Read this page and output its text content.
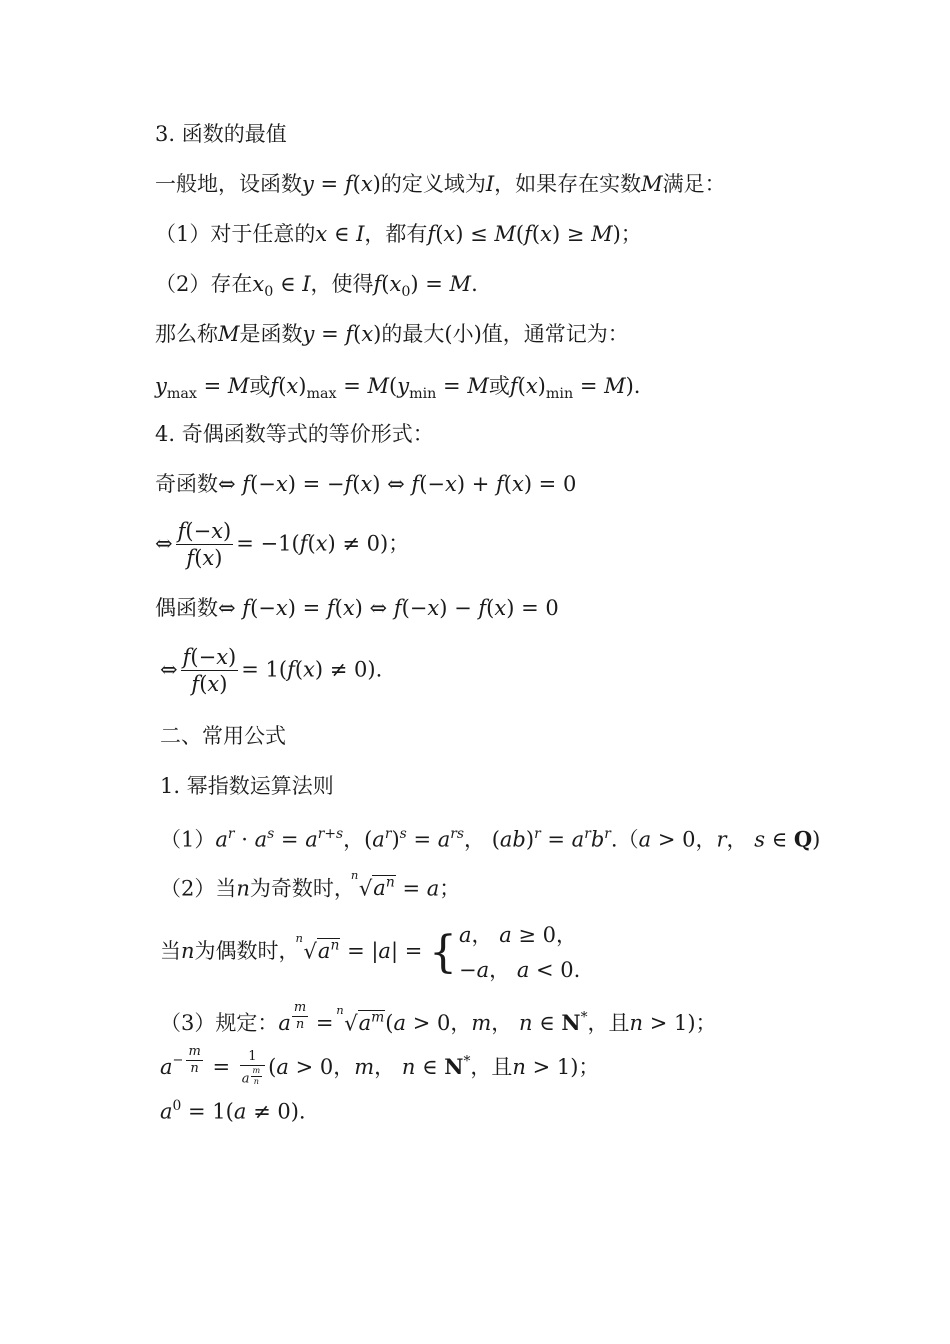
3. 函数的最值
一般地，设函数y = f(x)的定义域为I，如果存在实数M满足：
（1）对于任意的x ∈ I，都有f(x) ≤ M(f(x) ≥ M)；
（2）存在$x_0$ ∈ I，使得$f(x_0) = M$.
那么称M是函数y = f(x)的最大(小)值，通常记为：
$y_{max} = M$或$f(x)_{max} = M(y_{min} = M$或$f(x)_{min} = M$).
4. 奇偶函数等式的等价形式：
奇函数⇔ f(−x) = −f(x) ⇔ f(−x) + f(x) = 0
⇔ $\frac{f(-x)}{f(x)} = -1(f(x) \ne 0)$；
偶函数⇔ f(−x) = f(x) ⇔ f(−x) − f(x) = 0
⇔ $\frac{f(-x)}{f(x)} = 1(f(x) \ne 0)$.
二、常用公式
1. 幂指数运算法则
$(1)a^r \cdot a^s = a^{r+s}$，$(a^r)^s = a^{rs}$， $(ab)^r = a^rb^r.(a > 0$，r， s ∈ Q)
（2）当n为奇数时，
n
$√a^n = a$；
当n为偶数时，
n
$√a^n = |a|$ = { a， a ≥ 0，
−a， a < 0.
（3）规定：a $^{\frac{m}{n}}$ =
n
$√a^m(a > 0$，m， n ∈ N*，且n > 1)；
$a^{- \frac{m}{n}} = 1$
a $^{\frac{m}{n}}$ (a > 0，m， n ∈ N*，且n > 1)；
$a^0 = 1(a \ne 0)$.
